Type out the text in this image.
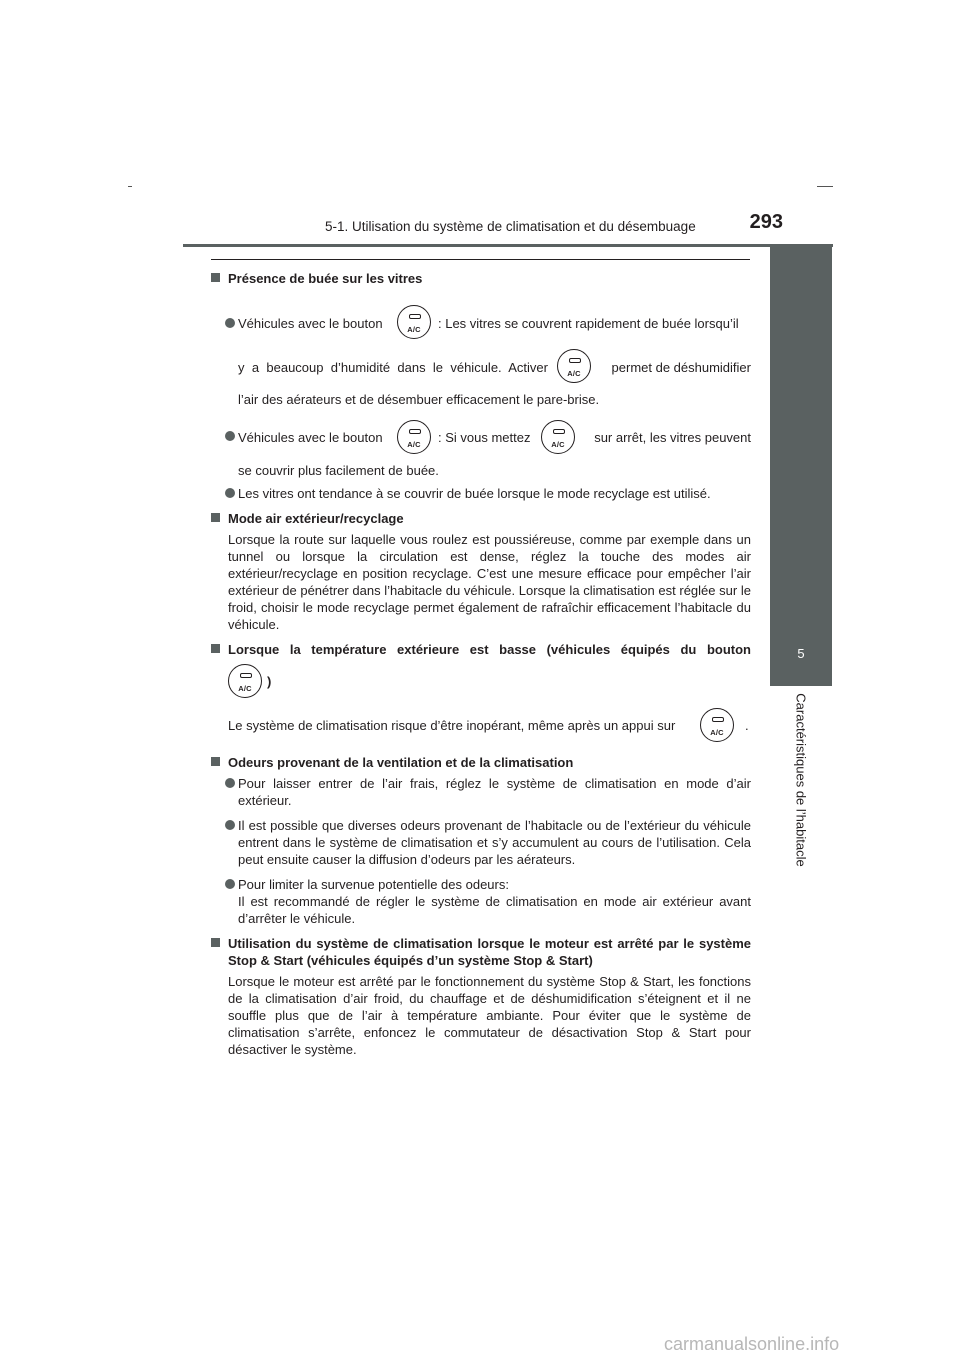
5-1. Utilisation du système de climatisation et du désembuage	293
5
Caractéristiques de l’habitacle

Présence de buée sur les vitres

Véhicules avec le bouton	A/C	: Les vitres se couvrent rapidement de buée lorsqu’il
y a beaucoup d’humidité dans le véhicule. Activer	A/C	permet de déshumidifier

l’air des aérateurs et de désembuer efficacement le pare-brise.

Véhicules avec le bouton	A/C	: Si vous mettez	A/C	sur arrêt, les vitres peuvent

se couvrir plus facilement de buée.

Les vitres ont tendance à se couvrir de buée lorsque le mode recyclage est utilisé.

Mode air extérieur/recyclage

Lorsque la route sur laquelle vous roulez est poussiéreuse, comme par exemple dans un tunnel ou lorsque la circulation est dense, réglez la touche des modes air extérieur/recyclage en position recyclage. C’est une mesure efficace pour empêcher l’air extérieur de pénétrer dans l’habitacle du véhicule. Lorsque la climatisation est réglée sur le froid, choisir le mode recyclage permet également de rafraîchir efficacement l’habitacle du véhicule.

Lorsque la température extérieure est basse (véhicules équipés du bouton

A/C	)
Le système de climatisation risque d’être inopérant, même après un appui sur	A/C	.

Odeurs provenant de la ventilation et de la climatisation

Pour laisser entrer de l’air frais, réglez le système de climatisation en mode d’air extérieur.

Il est possible que diverses odeurs provenant de l’habitacle ou de l’extérieur du véhicule entrent dans le système de climatisation et s’y accumulent au cours de l’utilisation. Cela peut ensuite causer la diffusion d’odeurs par les aérateurs.

Pour limiter la survenue potentielle des odeurs:
Il est recommandé de régler le système de climatisation en mode air extérieur avant d’arrêter le véhicule.

Utilisation du système de climatisation lorsque le moteur est arrêté par le système Stop & Start (véhicules équipés d’un système Stop & Start)

Lorsque le moteur est arrêté par le fonctionnement du système Stop & Start, les fonctions de la climatisation d’air froid, du chauffage et de déshumidification s’éteignent et il ne souffle plus que de l’air à température ambiante. Pour éviter que le système de climatisation s’arrête, enfoncez le commutateur de désactivation Stop & Start pour désactiver le système.

carmanualsonline.info
